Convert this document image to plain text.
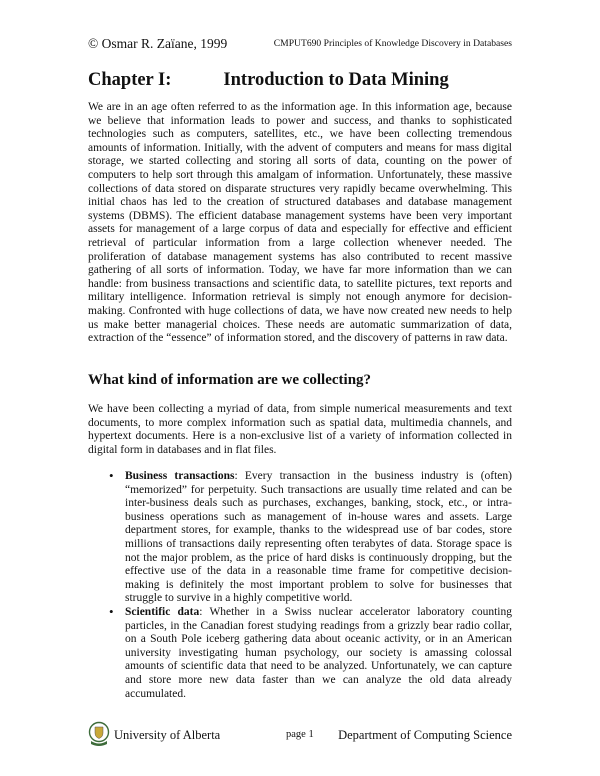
© Osmar R. Zaïane, 1999	CMPUT690 Principles of Knowledge Discovery in Databases
Chapter I:	Introduction to Data Mining

We are in an age often referred to as the information age. In this information age, because we believe that information leads to power and success, and thanks to sophisticated technologies such as computers, satellites, etc., we have been collecting tremendous amounts of information. Initially, with the advent of computers and means for mass digital storage, we started collecting and storing all sorts of data, counting on the power of computers to help sort through this amalgam of information. Unfortunately, these massive collections of data stored on disparate structures very rapidly became overwhelming. This initial chaos has led to the creation of structured databases and database management systems (DBMS). The efficient database management systems have been very important assets for management of a large corpus of data and especially for effective and efficient retrieval of particular information from a large collection whenever needed. The proliferation of database management systems has also contributed to recent massive gathering of all sorts of information. Today, we have far more information than we can handle: from business transactions and scientific data, to satellite pictures, text reports and military intelligence. Information retrieval is simply not enough anymore for decision-making. Confronted with huge collections of data, we have now created new needs to help us make better managerial choices. These needs are automatic summarization of data, extraction of the “essence” of information stored, and the discovery of patterns in raw data.

What kind of information are we collecting?

We have been collecting a myriad of data, from simple numerical measurements and text documents, to more complex information such as spatial data, multimedia channels, and hypertext documents. Here is a non-exclusive list of a variety of information collected in digital form in databases and in flat files.

• Business transactions: Every transaction in the business industry is (often) “memorized” for perpetuity. Such transactions are usually time related and can be inter-business deals such as purchases, exchanges, banking, stock, etc., or intra-business operations such as management of in-house wares and assets. Large department stores, for example, thanks to the widespread use of bar codes, store millions of transactions daily representing often terabytes of data. Storage space is not the major problem, as the price of hard disks is continuously dropping, but the effective use of the data in a reasonable time frame for competitive decision-making is definitely the most important problem to solve for businesses that struggle to survive in a highly competitive world.
• Scientific data: Whether in a Swiss nuclear accelerator laboratory counting particles, in the Canadian forest studying readings from a grizzly bear radio collar, on a South Pole iceberg gathering data about oceanic activity, or in an American university investigating human psychology, our society is amassing colossal amounts of scientific data that need to be analyzed. Unfortunately, we can capture and store more new data faster than we can analyze the old data already accumulated.
University of Alberta	page 1 Department of Computing Science
